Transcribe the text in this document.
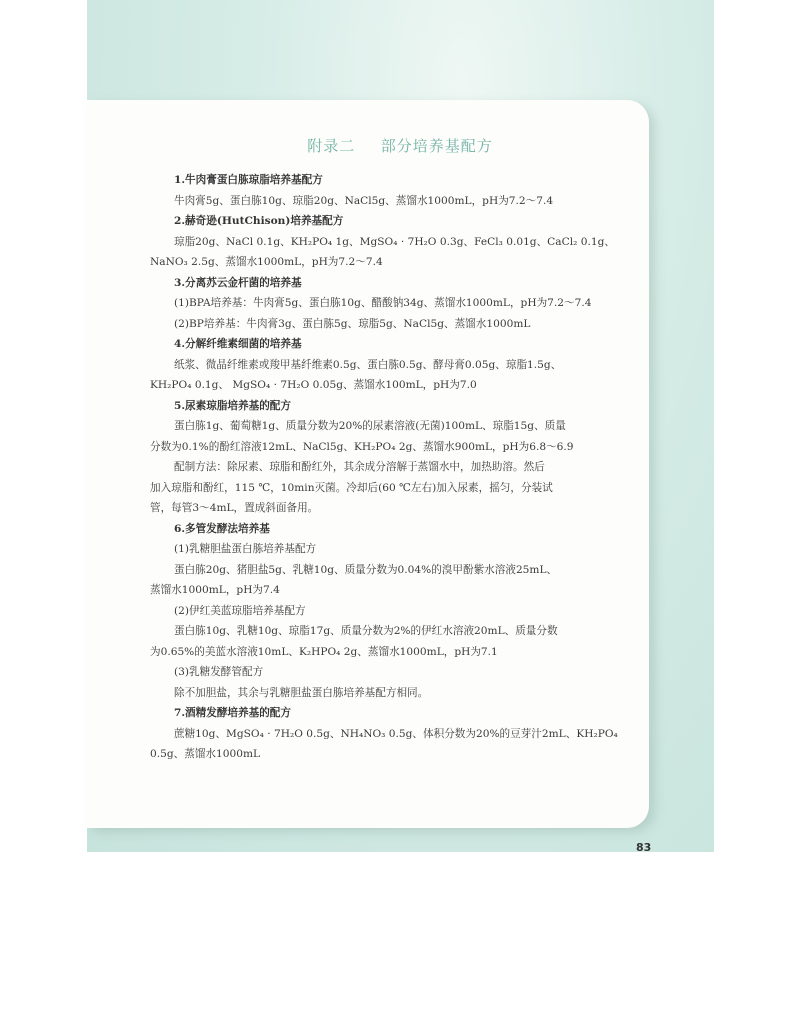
附录二 部分培养基配方

1.牛肉膏蛋白胨琼脂培养基配方

牛肉膏5g、蛋白胨10g、琼脂20g、NaCl5g、蒸馏水1000mL，pH为7.2～7.4

2.赫奇逊(HutChison)培养基配方

琼脂20g、NaCl 0.1g、KH₂PO₄ 1g、MgSO₄ · 7H₂O 0.3g、FeCl₃ 0.01g、CaCl₂ 0.1g、

NaNO₃ 2.5g、蒸馏水1000mL，pH为7.2～7.4

3.分离苏云金杆菌的培养基

(1)BPA培养基：牛肉膏5g、蛋白胨10g、醋酸钠34g、蒸馏水1000mL，pH为7.2～7.4

(2)BP培养基：牛肉膏3g、蛋白胨5g、琼脂5g、NaCl5g、蒸馏水1000mL

4.分解纤维素细菌的培养基

纸浆、微晶纤维素或羧甲基纤维素0.5g、蛋白胨0.5g、酵母膏0.05g、琼脂1.5g、

KH₂PO₄ 0.1g、 MgSO₄ · 7H₂O 0.05g、蒸馏水100mL，pH为7.0

5.尿素琼脂培养基的配方

蛋白胨1g、葡萄糖1g、质量分数为20%的尿素溶液(无菌)100mL、琼脂15g、质量

分数为0.1%的酚红溶液12mL、NaCl5g、KH₂PO₄ 2g、蒸馏水900mL，pH为6.8～6.9

配制方法：除尿素、琼脂和酚红外，其余成分溶解于蒸馏水中，加热助溶。然后

加入琼脂和酚红，115 ℃，10min灭菌。冷却后(60 ℃左右)加入尿素，摇匀，分装试

管，每管3～4mL，置成斜面备用。

6.多管发酵法培养基

(1)乳糖胆盐蛋白胨培养基配方

蛋白胨20g、猪胆盐5g、乳糖10g、质量分数为0.04%的溴甲酚紫水溶液25mL、

蒸馏水1000mL，pH为7.4

(2)伊红美蓝琼脂培养基配方

蛋白胨10g、乳糖10g、琼脂17g、质量分数为2%的伊红水溶液20mL、质量分数

为0.65%的美蓝水溶液10mL、K₂HPO₄ 2g、蒸馏水1000mL，pH为7.1

(3)乳糖发酵管配方

除不加胆盐，其余与乳糖胆盐蛋白胨培养基配方相同。

7.酒精发酵培养基的配方

蔗糖10g、MgSO₄ · 7H₂O 0.5g、NH₄NO₃ 0.5g、体积分数为20%的豆芽汁2mL、KH₂PO₄

0.5g、蒸馏水1000mL

83
